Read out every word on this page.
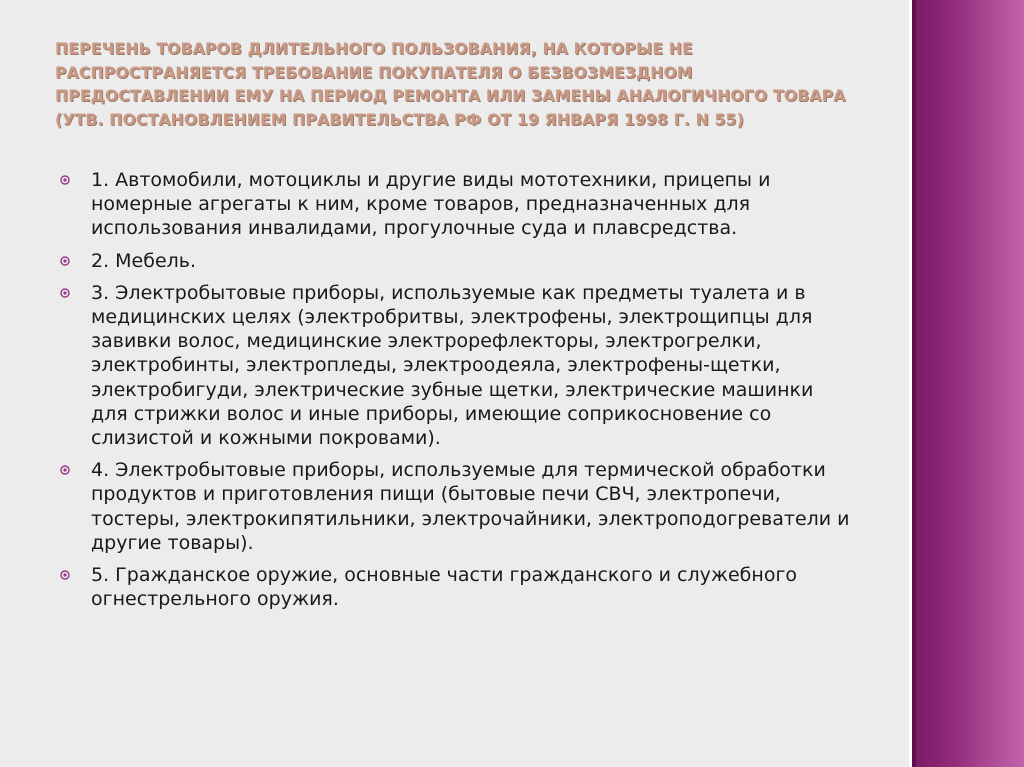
ПЕРЕЧЕНЬ ТОВАРОВ ДЛИТЕЛЬНОГО ПОЛЬЗОВАНИЯ, НА КОТОРЫЕ НЕ РАСПРОСТРАНЯЕТСЯ ТРЕБОВАНИЕ ПОКУПАТЕЛЯ О БЕЗВОЗМЕЗДНОМ ПРЕДОСТАВЛЕНИИ ЕМУ НА ПЕРИОД РЕМОНТА ИЛИ ЗАМЕНЫ АНАЛОГИЧНОГО ТОВАРА (УТВ. ПОСТАНОВЛЕНИЕМ ПРАВИТЕЛЬСТВА РФ ОТ 19 ЯНВАРЯ 1998 Г. N 55)
1. Автомобили, мотоциклы и другие виды мототехники, прицепы и номерные агрегаты к ним, кроме товаров, предназначенных для использования инвалидами, прогулочные суда и плавсредства.
2. Мебель.
3. Электробытовые приборы, используемые как предметы туалета и в медицинских целях (электробритвы, электрофены, электрощипцы для завивки волос, медицинские электрорефлекторы, электрогрелки, электробинты, электропледы, электроодеяла, электрофены-щетки, электробигуди, электрические зубные щетки, электрические машинки для стрижки волос и иные приборы, имеющие соприкосновение со слизистой и кожными покровами).
4. Электробытовые приборы, используемые для термической обработки продуктов и приготовления пищи (бытовые печи СВЧ, электропечи, тостеры, электрокипятильники, электрочайники, электроподогреватели и другие товары).
5. Гражданское оружие, основные части гражданского и служебного огнестрельного оружия.
